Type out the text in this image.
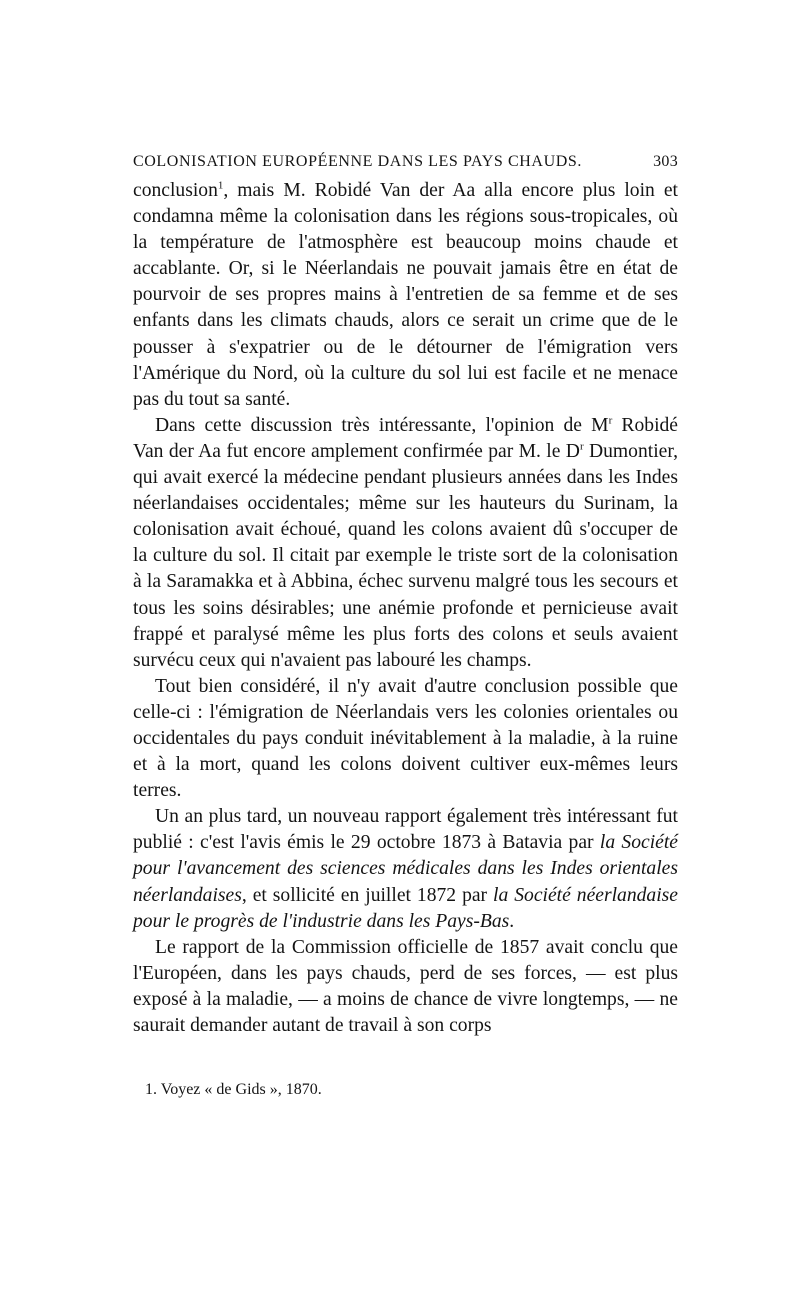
COLONISATION EUROPÉENNE DANS LES PAYS CHAUDS.	303

conclusion$^1$, mais M. Robidé Van der Aa alla encore plus loin et condamna même la colonisation dans les régions sous-tropicales, où la température de l'atmosphère est beaucoup moins chaude et accablante. Or, si le Néerlandais ne pouvait jamais être en état de pourvoir de ses propres mains à l'entretien de sa femme et de ses enfants dans les climats chauds, alors ce serait un crime que de le pousser à s'expatrier ou de le détourner de l'émigration vers l'Amérique du Nord, où la culture du sol lui est facile et ne menace pas du tout sa santé.

Dans cette discussion très intéressante, l'opinion de $M^r$ Robidé Van der Aa fut encore amplement confirmée par M. le $D^r$ Dumontier, qui avait exercé la médecine pendant plusieurs années dans les Indes néerlandaises occidentales; même sur les hauteurs du Surinam, la colonisation avait échoué, quand les colons avaient dû s'occuper de la culture du sol. Il citait par exemple le triste sort de la colonisation à la Saramakka et à Abbina, échec survenu malgré tous les secours et tous les soins désirables; une anémie profonde et pernicieuse avait frappé et paralysé même les plus forts des colons et seuls avaient survécu ceux qui n'avaient pas labouré les champs.

Tout bien considéré, il n'y avait d'autre conclusion possible que celle-ci : l'émigration de Néerlandais vers les colonies orientales ou occidentales du pays conduit inévitablement à la maladie, à la ruine et à la mort, quand les colons doivent cultiver eux-mêmes leurs terres.

Un an plus tard, un nouveau rapport également très intéressant fut publié : c'est l'avis émis le 29 octobre 1873 à Batavia par la Société pour l'avancement des sciences médicales dans les Indes orientales néerlandaises, et sollicité en juillet 1872 par la Société néerlandaise pour le progrès de l'industrie dans les Pays-Bas.

Le rapport de la Commission officielle de 1857 avait conclu que l'Européen, dans les pays chauds, perd de ses forces, — est plus exposé à la maladie, — a moins de chance de vivre longtemps, — ne saurait demander autant de travail à son corps

1. Voyez « de Gids », 1870.
